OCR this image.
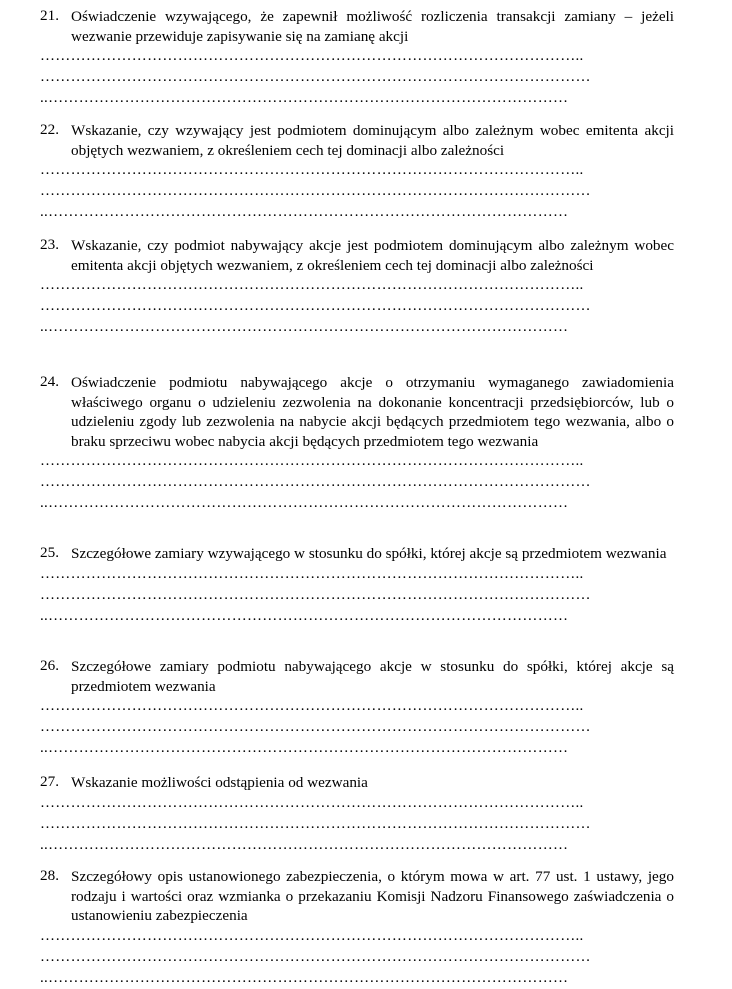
21. Oświadczenie wzywającego, że zapewnił możliwość rozliczenia transakcji zamiany – jeżeli wezwanie przewiduje zapisywanie się na zamianę akcji
……………………………………………………………………………………………..
………………………………………………………………………………………………
..…………………………………………………………………………………………
22. Wskazanie, czy wzywający jest podmiotem dominującym albo zależnym wobec emitenta akcji objętych wezwaniem, z określeniem cech tej dominacji albo zależności
……………………………………………………………………………………………..
………………………………………………………………………………………………
..…………………………………………………………………………………………
23. Wskazanie, czy podmiot nabywający akcje jest podmiotem dominującym albo zależnym wobec emitenta akcji objętych wezwaniem, z określeniem cech tej dominacji albo zależności
……………………………………………………………………………………………..
………………………………………………………………………………………………
..…………………………………………………………………………………………
24. Oświadczenie podmiotu nabywającego akcje o otrzymaniu wymaganego zawiadomienia właściwego organu o udzieleniu zezwolenia na dokonanie koncentracji przedsiębiorców, lub o udzieleniu zgody lub zezwolenia na nabycie akcji będących przedmiotem tego wezwania, albo o braku sprzeciwu wobec nabycia akcji będących przedmiotem tego wezwania
……………………………………………………………………………………………..
………………………………………………………………………………………………
..…………………………………………………………………………………………
25. Szczegółowe zamiary wzywającego w stosunku do spółki, której akcje są przedmiotem wezwania
……………………………………………………………………………………………..
………………………………………………………………………………………………
..…………………………………………………………………………………………
26. Szczegółowe zamiary podmiotu nabywającego akcje w stosunku do spółki, której akcje są przedmiotem wezwania
……………………………………………………………………………………………..
………………………………………………………………………………………………
..…………………………………………………………………………………………
27. Wskazanie możliwości odstąpienia od wezwania
……………………………………………………………………………………………..
………………………………………………………………………………………………
..…………………………………………………………………………………………
28. Szczegółowy opis ustanowionego zabezpieczenia, o którym mowa w art. 77 ust. 1 ustawy, jego rodzaju i wartości oraz wzmianka o przekazaniu Komisji Nadzoru Finansowego zaświadczenia o ustanowieniu zabezpieczenia
……………………………………………………………………………………………..
………………………………………………………………………………………………
..…………………………………………………………………………………………
